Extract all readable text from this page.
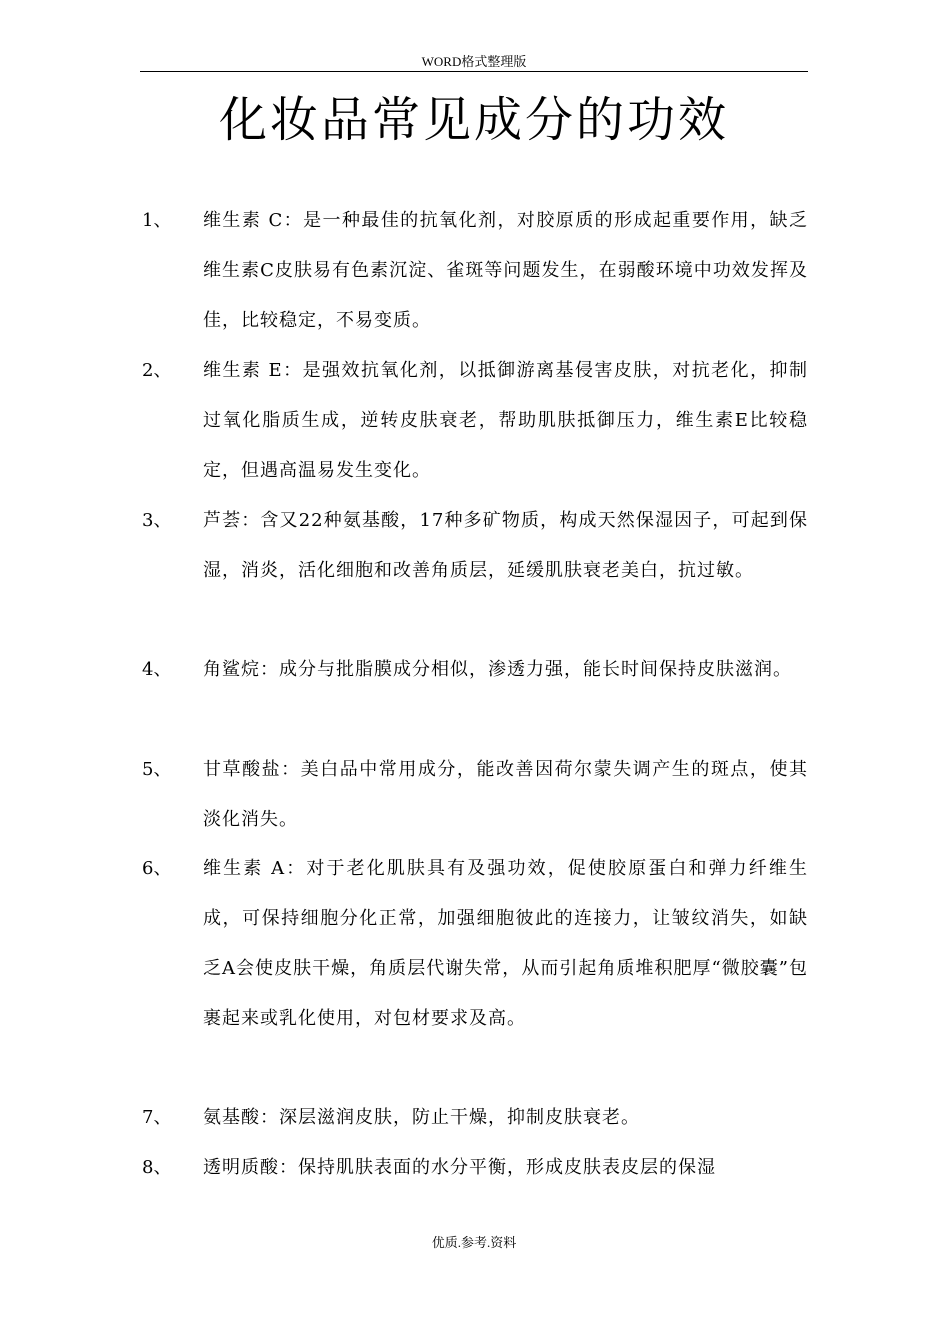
WORD格式整理版
化妆品常见成分的功效
1、	维生素 C：是一种最佳的抗氧化剂，对胶原质的形成起重要作用，缺乏维生素C皮肤易有色素沉淀、雀斑等问题发生，在弱酸环境中功效发挥及佳，比较稳定，不易变质。
2、	维生素 E：是强效抗氧化剂，以抵御游离基侵害皮肤，对抗老化，抑制过氧化脂质生成，逆转皮肤衰老，帮助肌肤抵御压力，维生素E比较稳定，但遇高温易发生变化。
3、	芦荟：含又22种氨基酸，17种多矿物质，构成天然保湿因子，可起到保湿，消炎，活化细胞和改善角质层，延缓肌肤衰老美白，抗过敏。
4、	角鲨烷：成分与批脂膜成分相似，渗透力强，能长时间保持皮肤滋润。
5、	甘草酸盐：美白品中常用成分，能改善因荷尔蒙失调产生的斑点，使其淡化消失。
6、	维生素 A：对于老化肌肤具有及强功效，促使胶原蛋白和弹力纤维生成，可保持细胞分化正常，加强细胞彼此的连接力，让皱纹消失，如缺乏A会使皮肤干燥，角质层代谢失常，从而引起角质堆积肥厚“微胶囊”包裹起来或乳化使用，对包材要求及高。
7、	氨基酸：深层滋润皮肤，防止干燥，抑制皮肤衰老。
8、	透明质酸：保持肌肤表面的水分平衡，形成皮肤表皮层的保湿
优质.参考.资料
